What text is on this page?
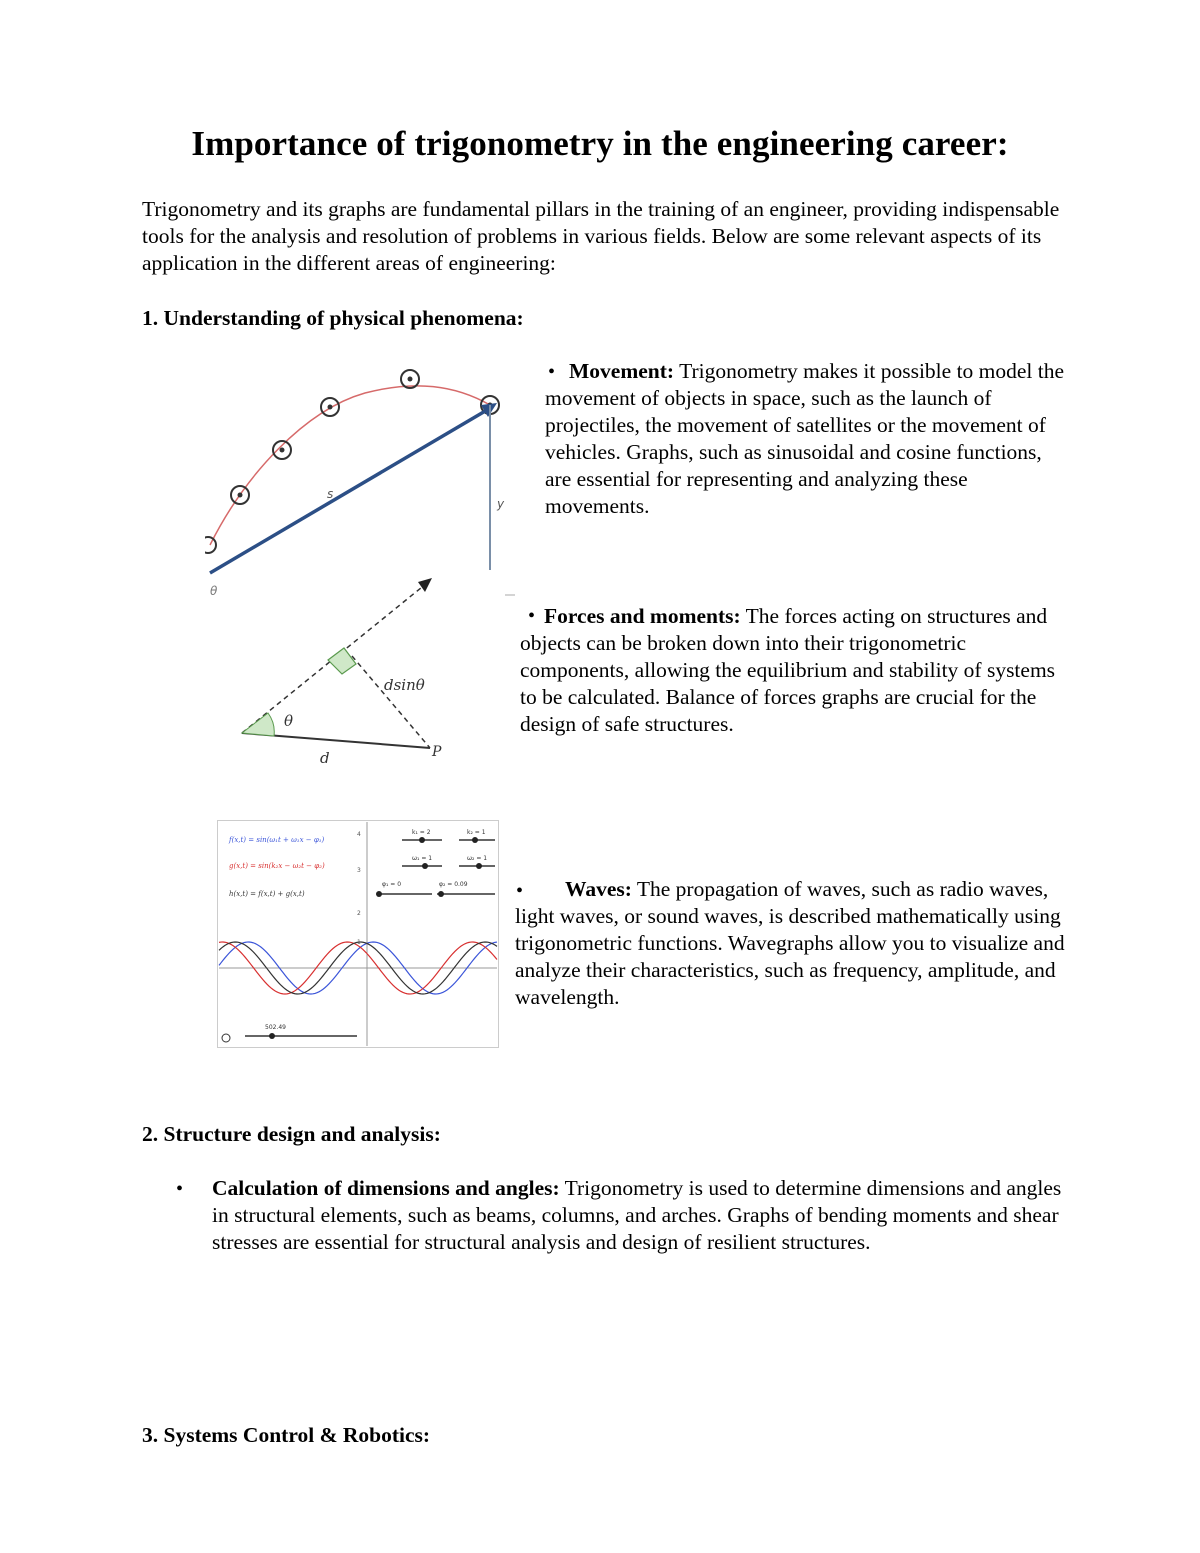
Importance of trigonometry in the engineering career:

Trigonometry and its graphs are fundamental pillars in the training of an engineer, providing indispensable tools for the analysis and resolution of problems in various fields. Below are some relevant aspects of its application in the different areas of engineering:

1. Understanding of physical phenomena:

s
y
θ
• Movement: Trigonometry makes it possible to model the movement of objects in space, such as the launch of projectiles, the movement of satellites or the movement of vehicles. Graphs, such as sinusoidal and cosine functions, are essential for representing and analyzing these movements.

θ
d
dsinθ
P
• Forces and moments: The forces acting on structures and objects can be broken down into their trigonometric components, allowing the equilibrium and stability of systems to be calculated. Balance of forces graphs are crucial for the design of safe structures.

4
3
2
1
f(x,t) = sin(ω₁t + ω₁x − φ₁)
g(x,t) = sin(k₂x − ω₂t − φ₂)
h(x,t) = f(x,t) + g(x,t)
k₁ = 2	k₂ = 1
ω₁ = 1	ω₂ = 1
φ₁ = 0	φ₂ = 0.09
502.49
•	Waves: The propagation of waves, such as radio waves, light waves, or sound waves, is described mathematically using trigonometric functions. Wavegraphs allow you to visualize and analyze their characteristics, such as frequency, amplitude, and wavelength.

2. Structure design and analysis:

• Calculation of dimensions and angles: Trigonometry is used to determine dimensions and angles in structural elements, such as beams, columns, and arches. Graphs of bending moments and shear stresses are essential for structural analysis and design of resilient structures.

3. Systems Control & Robotics:
